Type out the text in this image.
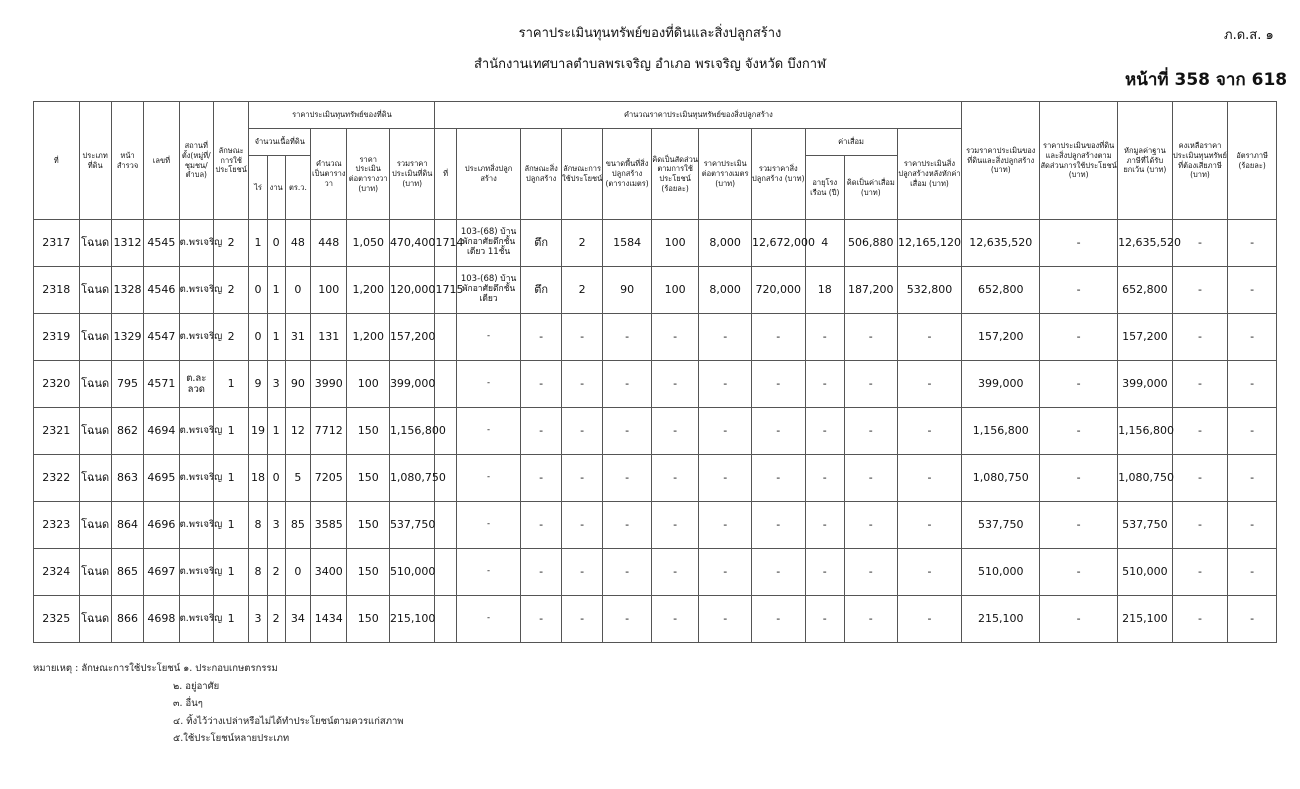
ราคาประเมินทุนทรัพย์ของที่ดินและสิ่งปลูกสร้าง
สำนักงานเทศบาลตำบลพรเจริญ อำเภอ พรเจริญ จังหวัด บึงกาฬ
ภ.ด.ส. ๑
หน้าที่ 358 จาก 618
ที่	ประเภทที่ดิน	หน้าสำรวจ	เลขที่	สถานที่ตั้ง(หมู่ที่/ชุมชน/ตำบล)	ลักษณะการใช้ประโยชน์	ราคาประเมินทุนทรัพย์ของที่ดิน						คำนวณราคาประเมินทุนทรัพย์ของสิ่งปลูกสร้าง											รวมราคาประเมินของที่ดินและสิ่งปลูกสร้าง (บาท)	ราคาประเมินของที่ดินและสิ่งปลูกสร้างตามสัดส่วนการใช้ประโยชน์ (บาท)	หักมูลค่าฐานภาษีที่ได้รับยกเว้น (บาท)	คงเหลือราคาประเมินทุนทรัพย์ที่ต้องเสียภาษี (บาท)	อัตราภาษี (ร้อยละ)
						จำนวนเนื้อที่ดิน			คำนวณเป็นตารางวา	ราคาประเมินต่อตารางวา (บาท)	รวมราคาประเมินที่ดิน (บาท)	ที่	ประเภทสิ่งปลูกสร้าง	ลักษณะสิ่งปลูกสร้าง	ลักษณะการใช้ประโยชน์	ขนาดพื้นที่สิ่งปลูกสร้าง (ตารางเมตร)	คิดเป็นสัดส่วนตามการใช้ประโยชน์ (ร้อยละ)	ราคาประเมินต่อตารางเมตร (บาท)	รวมราคาสิ่งปลูกสร้าง (บาท)	ค่าเสื่อม		ราคาประเมินสิ่งปลูกสร้างหลังหักค่าเสื่อม (บาท)					
						ไร่	งาน	ตร.ว.												อายุโรงเรือน (ปี)	คิดเป็นค่าเสื่อม (บาท)						
2317	โฉนด	1312	4545	ต.พรเจริญ	2	1	0	48	448	1,050	470,400	1714	103-(68) บ้านพักอาศัยตึกชั้นเดียว 11ชั้น	ตึก	2	1584	100	8,000	12,672,000	4	506,880	12,165,120	12,635,520	-	12,635,520	-	-
2318	โฉนด	1328	4546	ต.พรเจริญ	2	0	1	0	100	1,200	120,000	1715	103-(68) บ้านพักอาศัยตึกชั้นเดียว	ตึก	2	90	100	8,000	720,000	18	187,200	532,800	652,800	-	652,800	-	-
2319	โฉนด	1329	4547	ต.พรเจริญ	2	0	1	31	131	1,200	157,200		-	-	-	-	-	-	-	-	-	-	157,200	-	157,200	-	-
2320	โฉนด	795	4571	ต.ละลวด	1	9	3	90	3990	100	399,000		-	-	-	-	-	-	-	-	-	-	399,000	-	399,000	-	-
2321	โฉนด	862	4694	ต.พรเจริญ	1	19	1	12	7712	150	1,156,800		-	-	-	-	-	-	-	-	-	-	1,156,800	-	1,156,800	-	-
2322	โฉนด	863	4695	ต.พรเจริญ	1	18	0	5	7205	150	1,080,750		-	-	-	-	-	-	-	-	-	-	1,080,750	-	1,080,750	-	-
2323	โฉนด	864	4696	ต.พรเจริญ	1	8	3	85	3585	150	537,750		-	-	-	-	-	-	-	-	-	-	537,750	-	537,750	-	-
2324	โฉนด	865	4697	ต.พรเจริญ	1	8	2	0	3400	150	510,000		-	-	-	-	-	-	-	-	-	-	510,000	-	510,000	-	-
2325	โฉนด	866	4698	ต.พรเจริญ	1	3	2	34	1434	150	215,100		-	-	-	-	-	-	-	-	-	-	215,100	-	215,100	-	-
หมายเหตุ : ลักษณะการใช้ประโยชน์ ๑. ประกอบเกษตรกรรม
๒. อยู่อาศัย
๓. อื่นๆ
๔. ทิ้งไว้ว่างเปล่าหรือไม่ได้ทำประโยชน์ตามควรแก่สภาพ
๕.ใช้ประโยชน์หลายประเภท
